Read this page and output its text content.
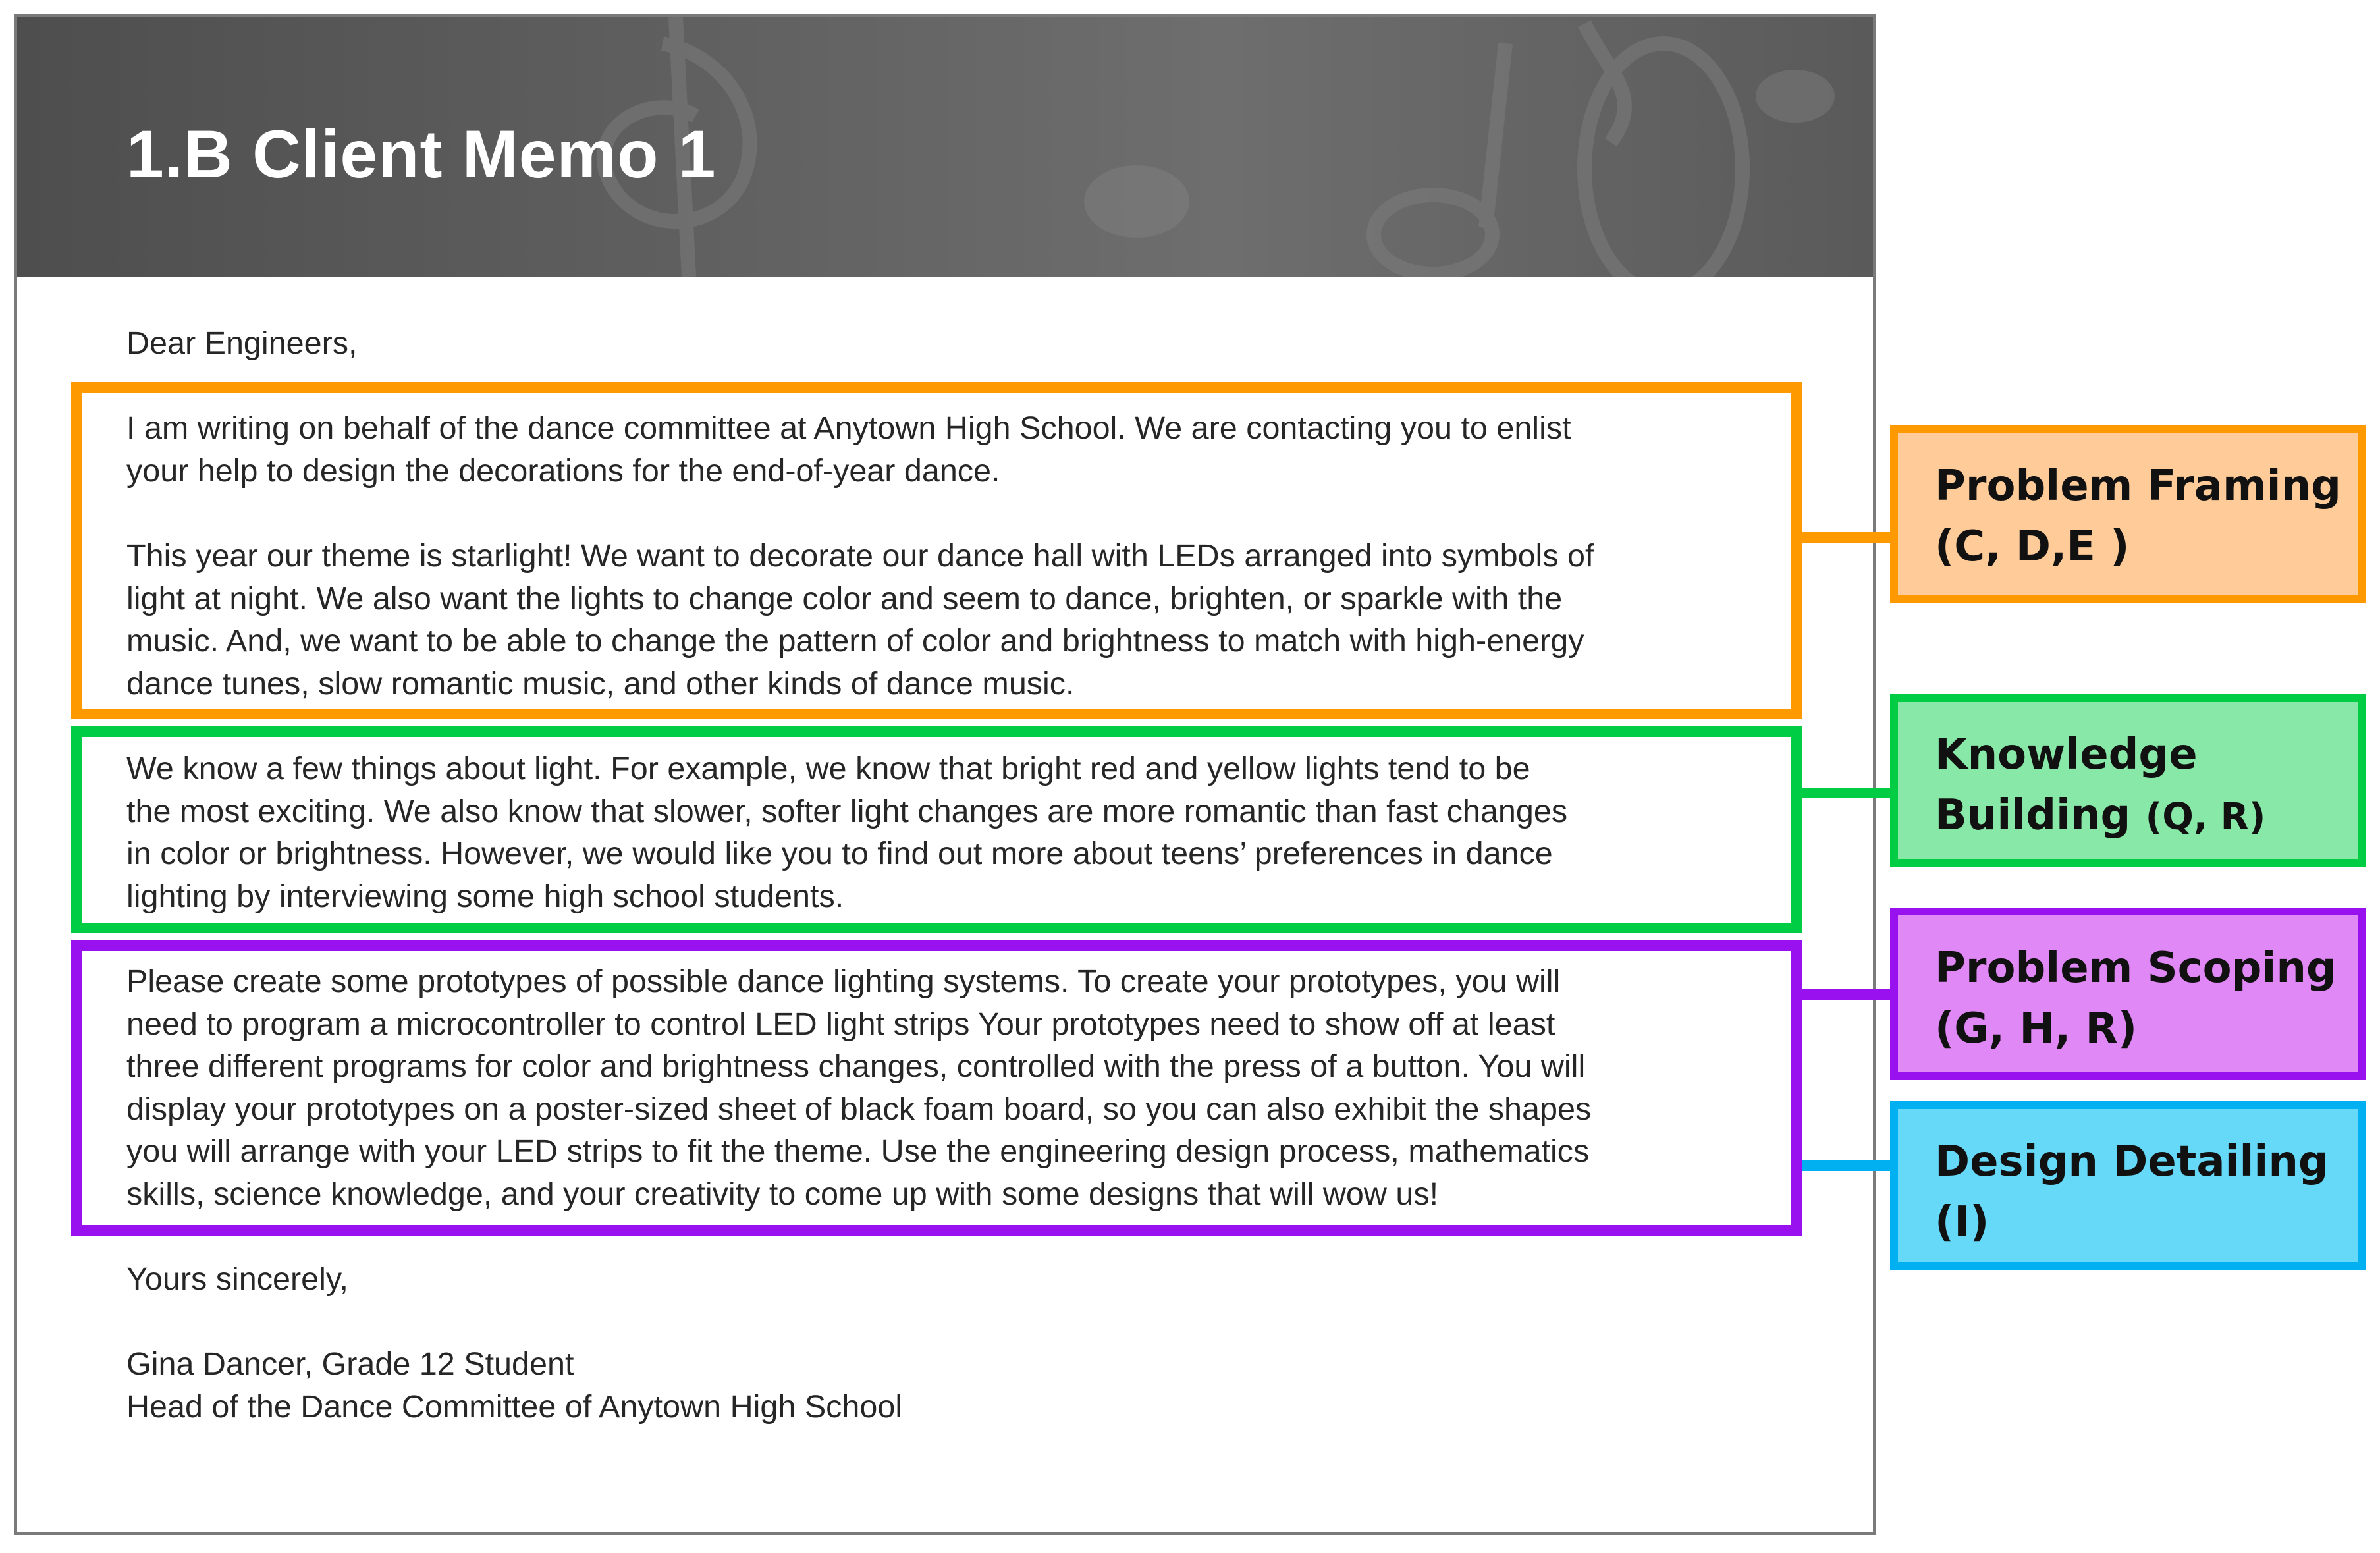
1.B Client Memo 1

Dear Engineers,

I am writing on behalf of the dance committee at Anytown High School. We are contacting you to enlist
your help to design the decorations for the end-of-year dance.

This year our theme is starlight! We want to decorate our dance hall with LEDs arranged into symbols of
light at night. We also want the lights to change color and seem to dance, brighten, or sparkle with the
music. And, we want to be able to change the pattern of color and brightness to match with high-energy
dance tunes, slow romantic music, and other kinds of dance music.

We know a few things about light. For example, we know that bright red and yellow lights tend to be
the most exciting. We also know that slower, softer light changes are more romantic than fast changes
in color or brightness. However, we would like you to find out more about teens’ preferences in dance
lighting by interviewing some high school students.

Please create some prototypes of possible dance lighting systems. To create your prototypes, you will
need to program a microcontroller to control LED light strips Your prototypes need to show off at least
three different programs for color and brightness changes, controlled with the press of a button. You will
display your prototypes on a poster-sized sheet of black foam board, so you can also exhibit the shapes
you will arrange with your LED strips to fit the theme. Use the engineering design process, mathematics
skills, science knowledge, and your creativity to come up with some designs that will wow us!

Yours sincerely,

Gina Dancer, Grade 12 Student
Head of the Dance Committee of Anytown High School

Problem Framing
(C, D,E )
Knowledge
Building (Q, R)
Problem Scoping
(G, H, R)
Design Detailing
(I)
